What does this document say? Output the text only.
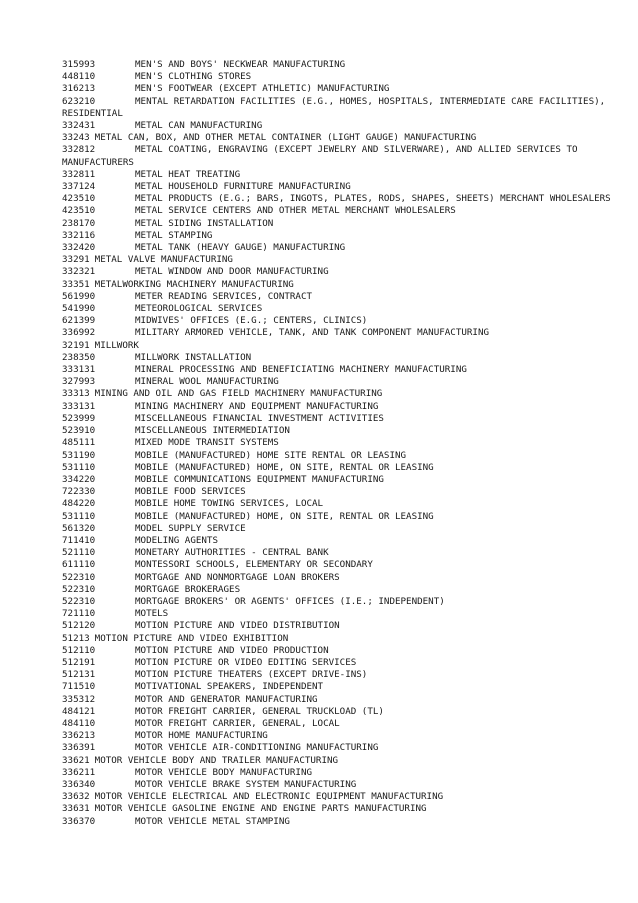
315993	MEN'S AND BOYS' NECKWEAR MANUFACTURING
448110	MEN'S CLOTHING STORES
316213	MEN'S FOOTWEAR (EXCEPT ATHLETIC) MANUFACTURING
623210	MENTAL RETARDATION FACILITIES (E.G., HOMES, HOSPITALS, INTERMEDIATE CARE FACILITIES), RESIDENTIAL
332431	METAL CAN MANUFACTURING
33243 METAL CAN, BOX, AND OTHER METAL CONTAINER (LIGHT GAUGE) MANUFACTURING
332812	METAL COATING, ENGRAVING (EXCEPT JEWELRY AND SILVERWARE), AND ALLIED SERVICES TO MANUFACTURERS
332811	METAL HEAT TREATING
337124	METAL HOUSEHOLD FURNITURE MANUFACTURING
423510	METAL PRODUCTS (E.G.; BARS, INGOTS, PLATES, RODS, SHAPES, SHEETS) MERCHANT WHOLESALERS
423510	METAL SERVICE CENTERS AND OTHER METAL MERCHANT WHOLESALERS
238170	METAL SIDING INSTALLATION
332116	METAL STAMPING
332420	METAL TANK (HEAVY GAUGE) MANUFACTURING
33291 METAL VALVE MANUFACTURING
332321	METAL WINDOW AND DOOR MANUFACTURING
33351 METALWORKING MACHINERY MANUFACTURING
561990	METER READING SERVICES, CONTRACT
541990	METEOROLOGICAL SERVICES
621399	MIDWIVES' OFFICES (E.G.; CENTERS, CLINICS)
336992	MILITARY ARMORED VEHICLE, TANK, AND TANK COMPONENT MANUFACTURING
32191 MILLWORK
238350	MILLWORK INSTALLATION
333131	MINERAL PROCESSING AND BENEFICIATING MACHINERY MANUFACTURING
327993	MINERAL WOOL MANUFACTURING
33313 MINING AND OIL AND GAS FIELD MACHINERY MANUFACTURING
333131	MINING MACHINERY AND EQUIPMENT MANUFACTURING
523999	MISCELLANEOUS FINANCIAL INVESTMENT ACTIVITIES
523910	MISCELLANEOUS INTERMEDIATION
485111	MIXED MODE TRANSIT SYSTEMS
531190	MOBILE (MANUFACTURED) HOME SITE RENTAL OR LEASING
531110	MOBILE (MANUFACTURED) HOME, ON SITE, RENTAL OR LEASING
334220	MOBILE COMMUNICATIONS EQUIPMENT MANUFACTURING
722330	MOBILE FOOD SERVICES
484220	MOBILE HOME TOWING SERVICES, LOCAL
531110	MOBILE (MANUFACTURED) HOME, ON SITE, RENTAL OR LEASING
561320	MODEL SUPPLY SERVICE
711410	MODELING AGENTS
521110	MONETARY AUTHORITIES - CENTRAL BANK
611110	MONTESSORI SCHOOLS, ELEMENTARY OR SECONDARY
522310	MORTGAGE AND NONMORTGAGE LOAN BROKERS
522310	MORTGAGE BROKERAGES
522310	MORTGAGE BROKERS' OR AGENTS' OFFICES (I.E.; INDEPENDENT)
721110	MOTELS
512120	MOTION PICTURE AND VIDEO DISTRIBUTION
51213 MOTION PICTURE AND VIDEO EXHIBITION
512110	MOTION PICTURE AND VIDEO PRODUCTION
512191	MOTION PICTURE OR VIDEO EDITING SERVICES
512131	MOTION PICTURE THEATERS (EXCEPT DRIVE-INS)
711510	MOTIVATIONAL SPEAKERS, INDEPENDENT
335312	MOTOR AND GENERATOR MANUFACTURING
484121	MOTOR FREIGHT CARRIER, GENERAL TRUCKLOAD (TL)
484110	MOTOR FREIGHT CARRIER, GENERAL, LOCAL
336213	MOTOR HOME MANUFACTURING
336391	MOTOR VEHICLE AIR-CONDITIONING MANUFACTURING
33621 MOTOR VEHICLE BODY AND TRAILER MANUFACTURING
336211	MOTOR VEHICLE BODY MANUFACTURING
336340	MOTOR VEHICLE BRAKE SYSTEM MANUFACTURING
33632 MOTOR VEHICLE ELECTRICAL AND ELECTRONIC EQUIPMENT MANUFACTURING
33631 MOTOR VEHICLE GASOLINE ENGINE AND ENGINE PARTS MANUFACTURING
336370	MOTOR VEHICLE METAL STAMPING
